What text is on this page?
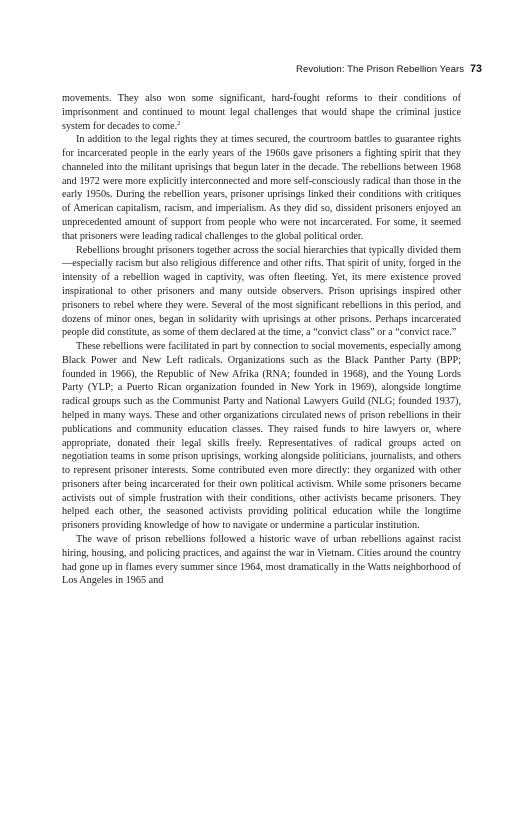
Revolution: The Prison Rebellion Years 73

movements. They also won some significant, hard-fought reforms to their conditions of imprisonment and continued to mount legal challenges that would shape the criminal justice system for decades to come.$^2$

In addition to the legal rights they at times secured, the courtroom battles to guarantee rights for incarcerated people in the early years of the 1960s gave prisoners a fighting spirit that they channeled into the militant uprisings that begun later in the decade. The rebellions between 1968 and 1972 were more explicitly interconnected and more self-consciously radical than those in the early 1950s. During the rebellion years, prisoner uprisings linked their conditions with critiques of American capitalism, racism, and imperialism. As they did so, dissident prisoners enjoyed an unprecedented amount of support from people who were not incarcerated. For some, it seemed that prisoners were leading radical challenges to the global political order.

Rebellions brought prisoners together across the social hierarchies that typically divided them—especially racism but also religious difference and other rifts. That spirit of unity, forged in the intensity of a rebellion waged in captivity, was often fleeting. Yet, its mere existence proved inspirational to other prisoners and many outside observers. Prison uprisings inspired other prisoners to rebel where they were. Several of the most significant rebellions in this period, and dozens of minor ones, began in solidarity with uprisings at other prisons. Perhaps incarcerated people did constitute, as some of them declared at the time, a “convict class” or a “convict race.”

These rebellions were facilitated in part by connection to social movements, especially among Black Power and New Left radicals. Organizations such as the Black Panther Party (BPP; founded in 1966), the Republic of New Afrika (RNA; founded in 1968), and the Young Lords Party (YLP; a Puerto Rican organization founded in New York in 1969), alongside longtime radical groups such as the Communist Party and National Lawyers Guild (NLG; founded 1937), helped in many ways. These and other organizations circulated news of prison rebellions in their publications and community education classes. They raised funds to hire lawyers or, where appropriate, donated their legal skills freely. Representatives of radical groups acted on negotiation teams in some prison uprisings, working alongside politicians, journalists, and others to represent prisoner interests. Some contributed even more directly: they organized with other prisoners after being incarcerated for their own political activism. While some prisoners became activists out of simple frustration with their conditions, other activists became prisoners. They helped each other, the seasoned activists providing political education while the longtime prisoners providing knowledge of how to navigate or undermine a particular institution.

The wave of prison rebellions followed a historic wave of urban rebellions against racist hiring, housing, and policing practices, and against the war in Vietnam. Cities around the country had gone up in flames every summer since 1964, most dramatically in the Watts neighborhood of Los Angeles in 1965 and
